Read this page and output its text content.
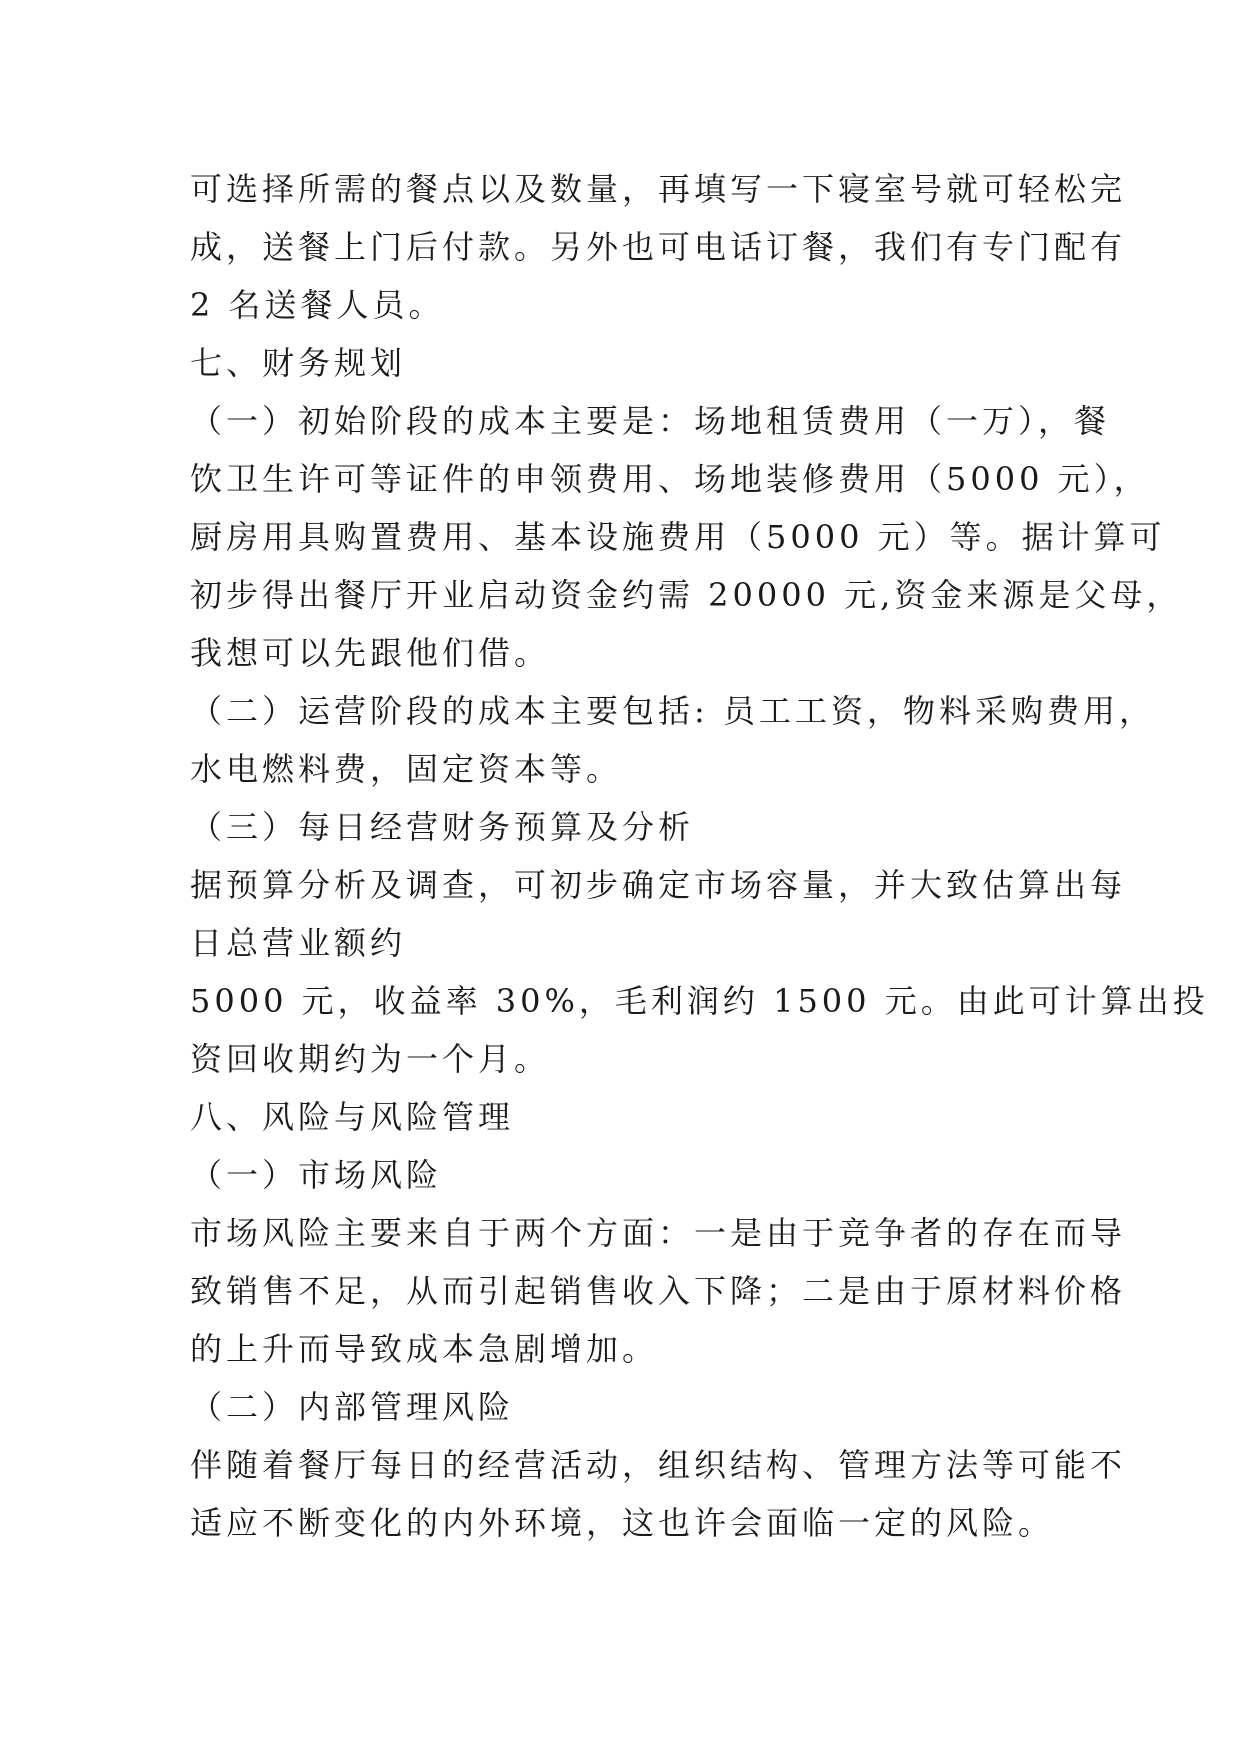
可选择所需的餐点以及数量，再填写一下寝室号就可轻松完
成，送餐上门后付款。另外也可电话订餐，我们有专门配有
2 名送餐人员。
七、财务规划
（一）初始阶段的成本主要是：场地租赁费用（一万），餐
饮卫生许可等证件的申领费用、场地装修费用（5000 元），
厨房用具购置费用、基本设施费用（5000 元）等。据计算可
初步得出餐厅开业启动资金约需 20000 元,资金来源是父母，
我想可以先跟他们借。
（二）运营阶段的成本主要包括: 员工工资，物料采购费用，
水电燃料费，固定资本等。
（三）每日经营财务预算及分析
据预算分析及调查，可初步确定市场容量，并大致估算出每
日总营业额约
5000 元，收益率 30%，毛利润约 1500 元。由此可计算出投
资回收期约为一个月。
八、风险与风险管理
（一）市场风险
市场风险主要来自于两个方面：一是由于竞争者的存在而导
致销售不足，从而引起销售收入下降；二是由于原材料价格
的上升而导致成本急剧增加。
（二）内部管理风险
伴随着餐厅每日的经营活动，组织结构、管理方法等可能不
适应不断变化的内外环境，这也许会面临一定的风险。
